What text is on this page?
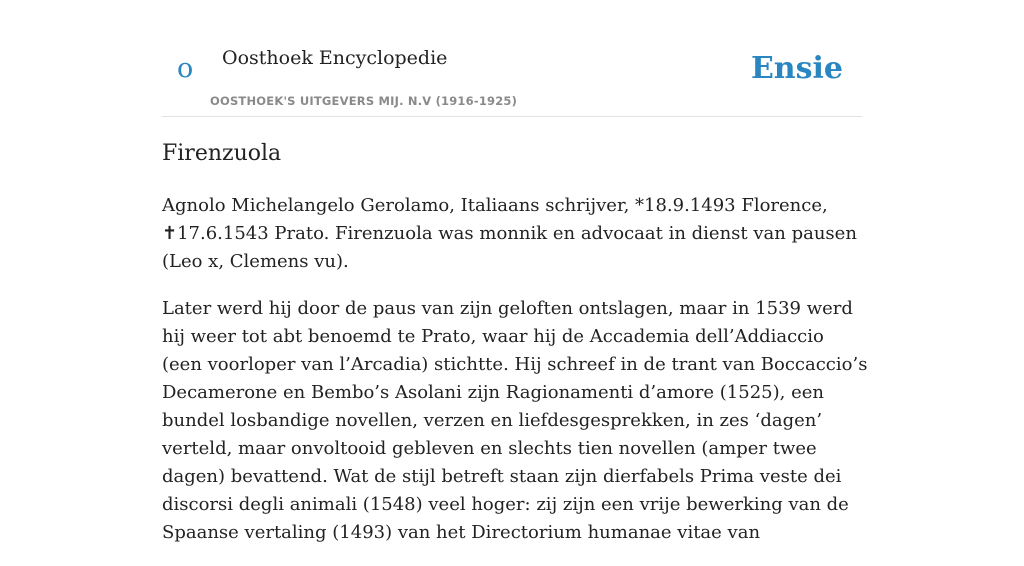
o Oosthoek Encyclopedie
OOSTHOEK'S UITGEVERS MIJ. N.V (1916-1925)
Ensie
Firenzuola

Agnolo Michelangelo Gerolamo, Italiaans schrijver, *18.9.1493 Florence, ✝17.6.1543 Prato. Firenzuola was monnik en advocaat in dienst van pausen (Leo x, Clemens vu).

Later werd hij door de paus van zijn geloften ontslagen, maar in 1539 werd hij weer tot abt benoemd te Prato, waar hij de Accademia dell’Addiaccio (een voorloper van l’Arcadia) stichtte. Hij schreef in de trant van Boccaccio’s Decamerone en Bembo’s Asolani zijn Ragionamenti d’amore (1525), een bundel losbandige novellen, verzen en liefdesgesprekken, in zes ‘dagen’ verteld, maar onvoltooid gebleven en slechts tien novellen (amper twee dagen) bevattend. Wat de stijl betreft staan zijn dierfabels Prima veste dei discorsi degli animali (1548) veel hoger: zij zijn een vrije bewerking van de Spaanse vertaling (1493) van het Directorium humanae vitae van
